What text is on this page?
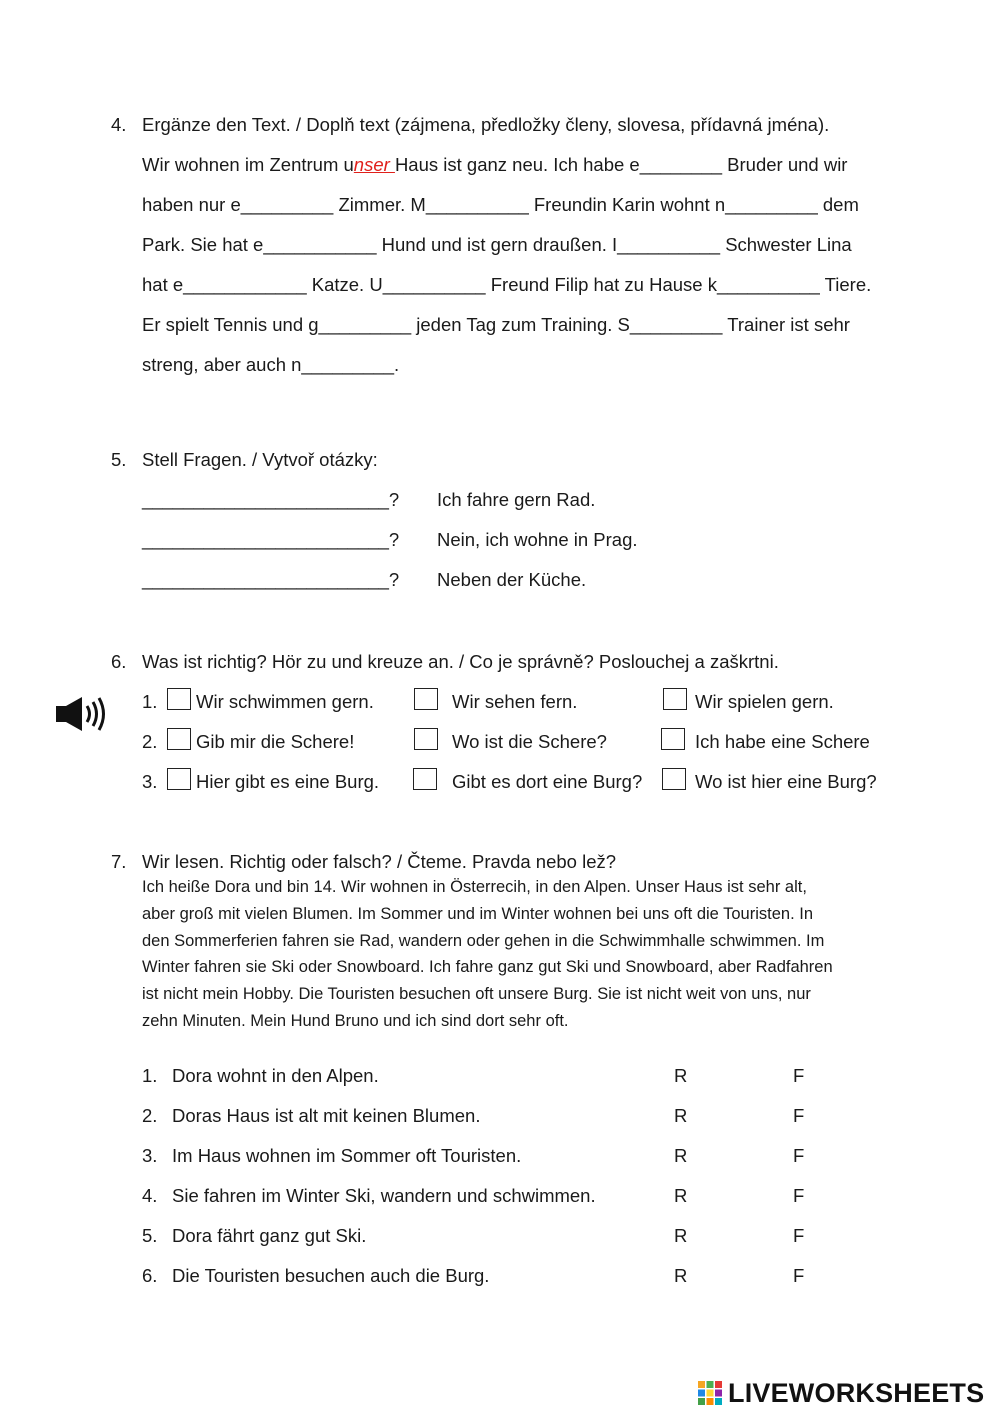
4. Ergänze den Text. / Doplň text (zájmena, předložky členy, slovesa, přídavná jména).
Wir wohnen im Zentrum unser Haus ist ganz neu. Ich habe e________ Bruder und wir
haben nur e_________ Zimmer. M__________ Freundin Karin wohnt n_________ dem
Park. Sie hat e___________ Hund und ist gern draußen. I__________ Schwester Lina
hat e____________ Katze. U__________ Freund Filip hat zu Hause k__________ Tiere.
Er spielt Tennis und g_________ jeden Tag zum Training. S_________ Trainer ist sehr
streng, aber auch n_________.
5. Stell Fragen. / Vytvoř otázky:
________________________? Ich fahre gern Rad.
________________________? Nein, ich wohne in Prag.
________________________? Neben der Küche.
6. Was ist richtig? Hör zu und kreuze an. / Co je správně? Poslouchej a zaškrtni.
1. Wir schwimmen gern.	Wir sehen fern.	Wir spielen gern.
2. Gib mir die Schere!	Wo ist die Schere?	Ich habe eine Schere
3. Hier gibt es eine Burg.	Gibt es dort eine Burg?	Wo ist hier eine Burg?
7. Wir lesen. Richtig oder falsch? / Čteme. Pravda nebo lež?
Ich heiße Dora und bin 14. Wir wohnen in Österrecih, in den Alpen. Unser Haus ist sehr alt,
aber groß mit vielen Blumen. Im Sommer und im Winter wohnen bei uns oft die Touristen. In
den Sommerferien fahren sie Rad, wandern oder gehen in die Schwimmhalle schwimmen. Im
Winter fahren sie Ski oder Snowboard. Ich fahre ganz gut Ski und Snowboard, aber Radfahren
ist nicht mein Hobby. Die Touristen besuchen oft unsere Burg. Sie ist nicht weit von uns, nur
zehn Minuten. Mein Hund Bruno und ich sind dort sehr oft.
1. Dora wohnt in den Alpen.	R	F
2. Doras Haus ist alt mit keinen Blumen.	R	F
3. Im Haus wohnen im Sommer oft Touristen.	R	F
4. Sie fahren im Winter Ski, wandern und schwimmen.	R	F
5. Dora fährt ganz gut Ski.	R	F
6. Die Touristen besuchen auch die Burg.	R	F
LIVEWORKSHEETS
